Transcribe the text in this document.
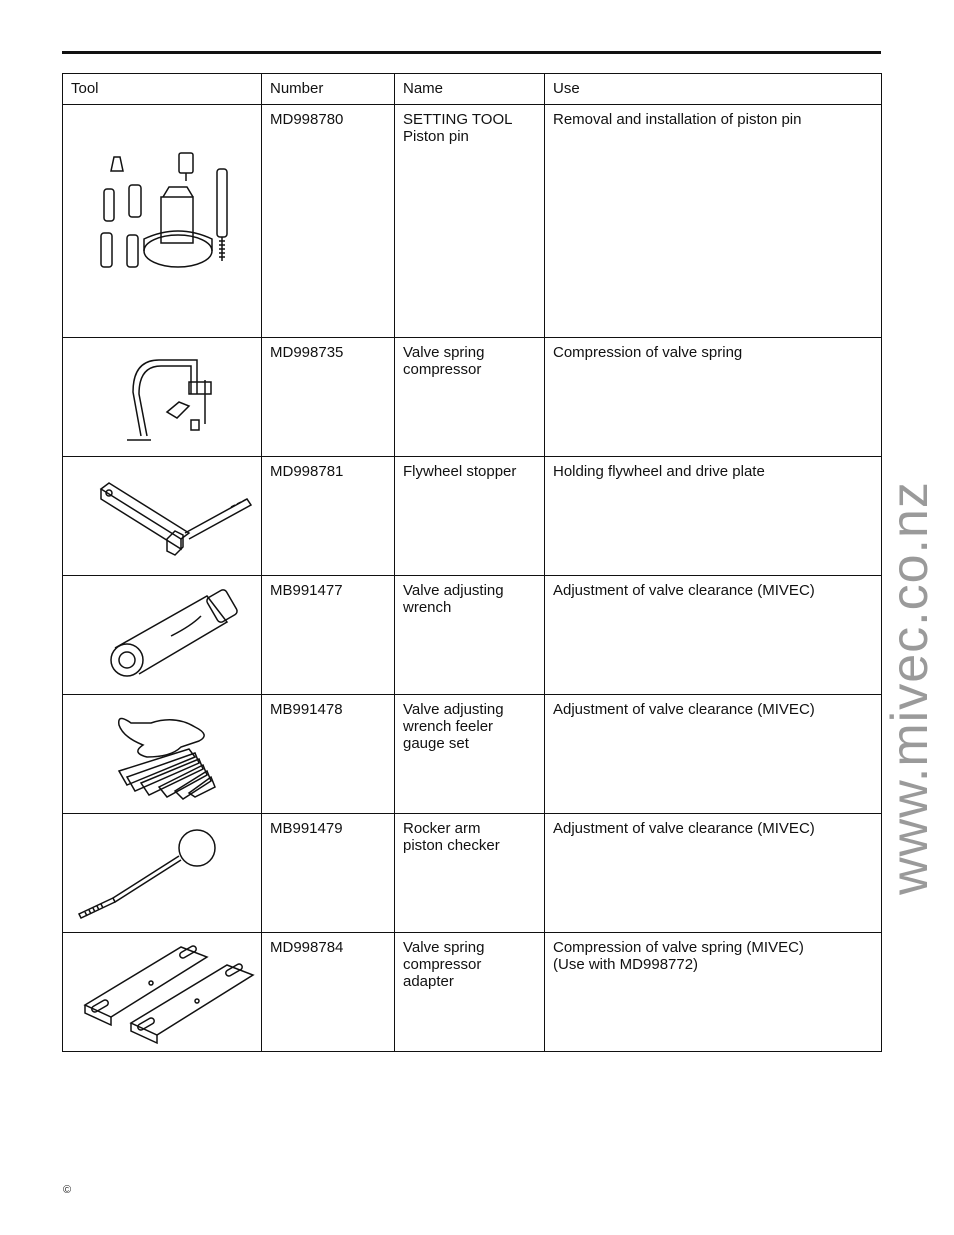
Tool	Number	Name	Use

	MD998780	SETTING TOOL
Piston pin	Removal and installation of piston pin

	MD998735	Valve spring
compressor	Compression of valve spring

	MD998781	Flywheel stopper	Holding flywheel and drive plate

	MB991477	Valve adjusting
wrench	Adjustment of valve clearance (MIVEC)

	MB991478	Valve adjusting
wrench feeler
gauge set	Adjustment of valve clearance (MIVEC)

	MB991479	Rocker arm
piston checker	Adjustment of valve clearance (MIVEC)

	MD998784	Valve spring
compressor
adapter	Compression of valve spring (MIVEC)
(Use with MD998772)
www.mivec.co.nz
©
